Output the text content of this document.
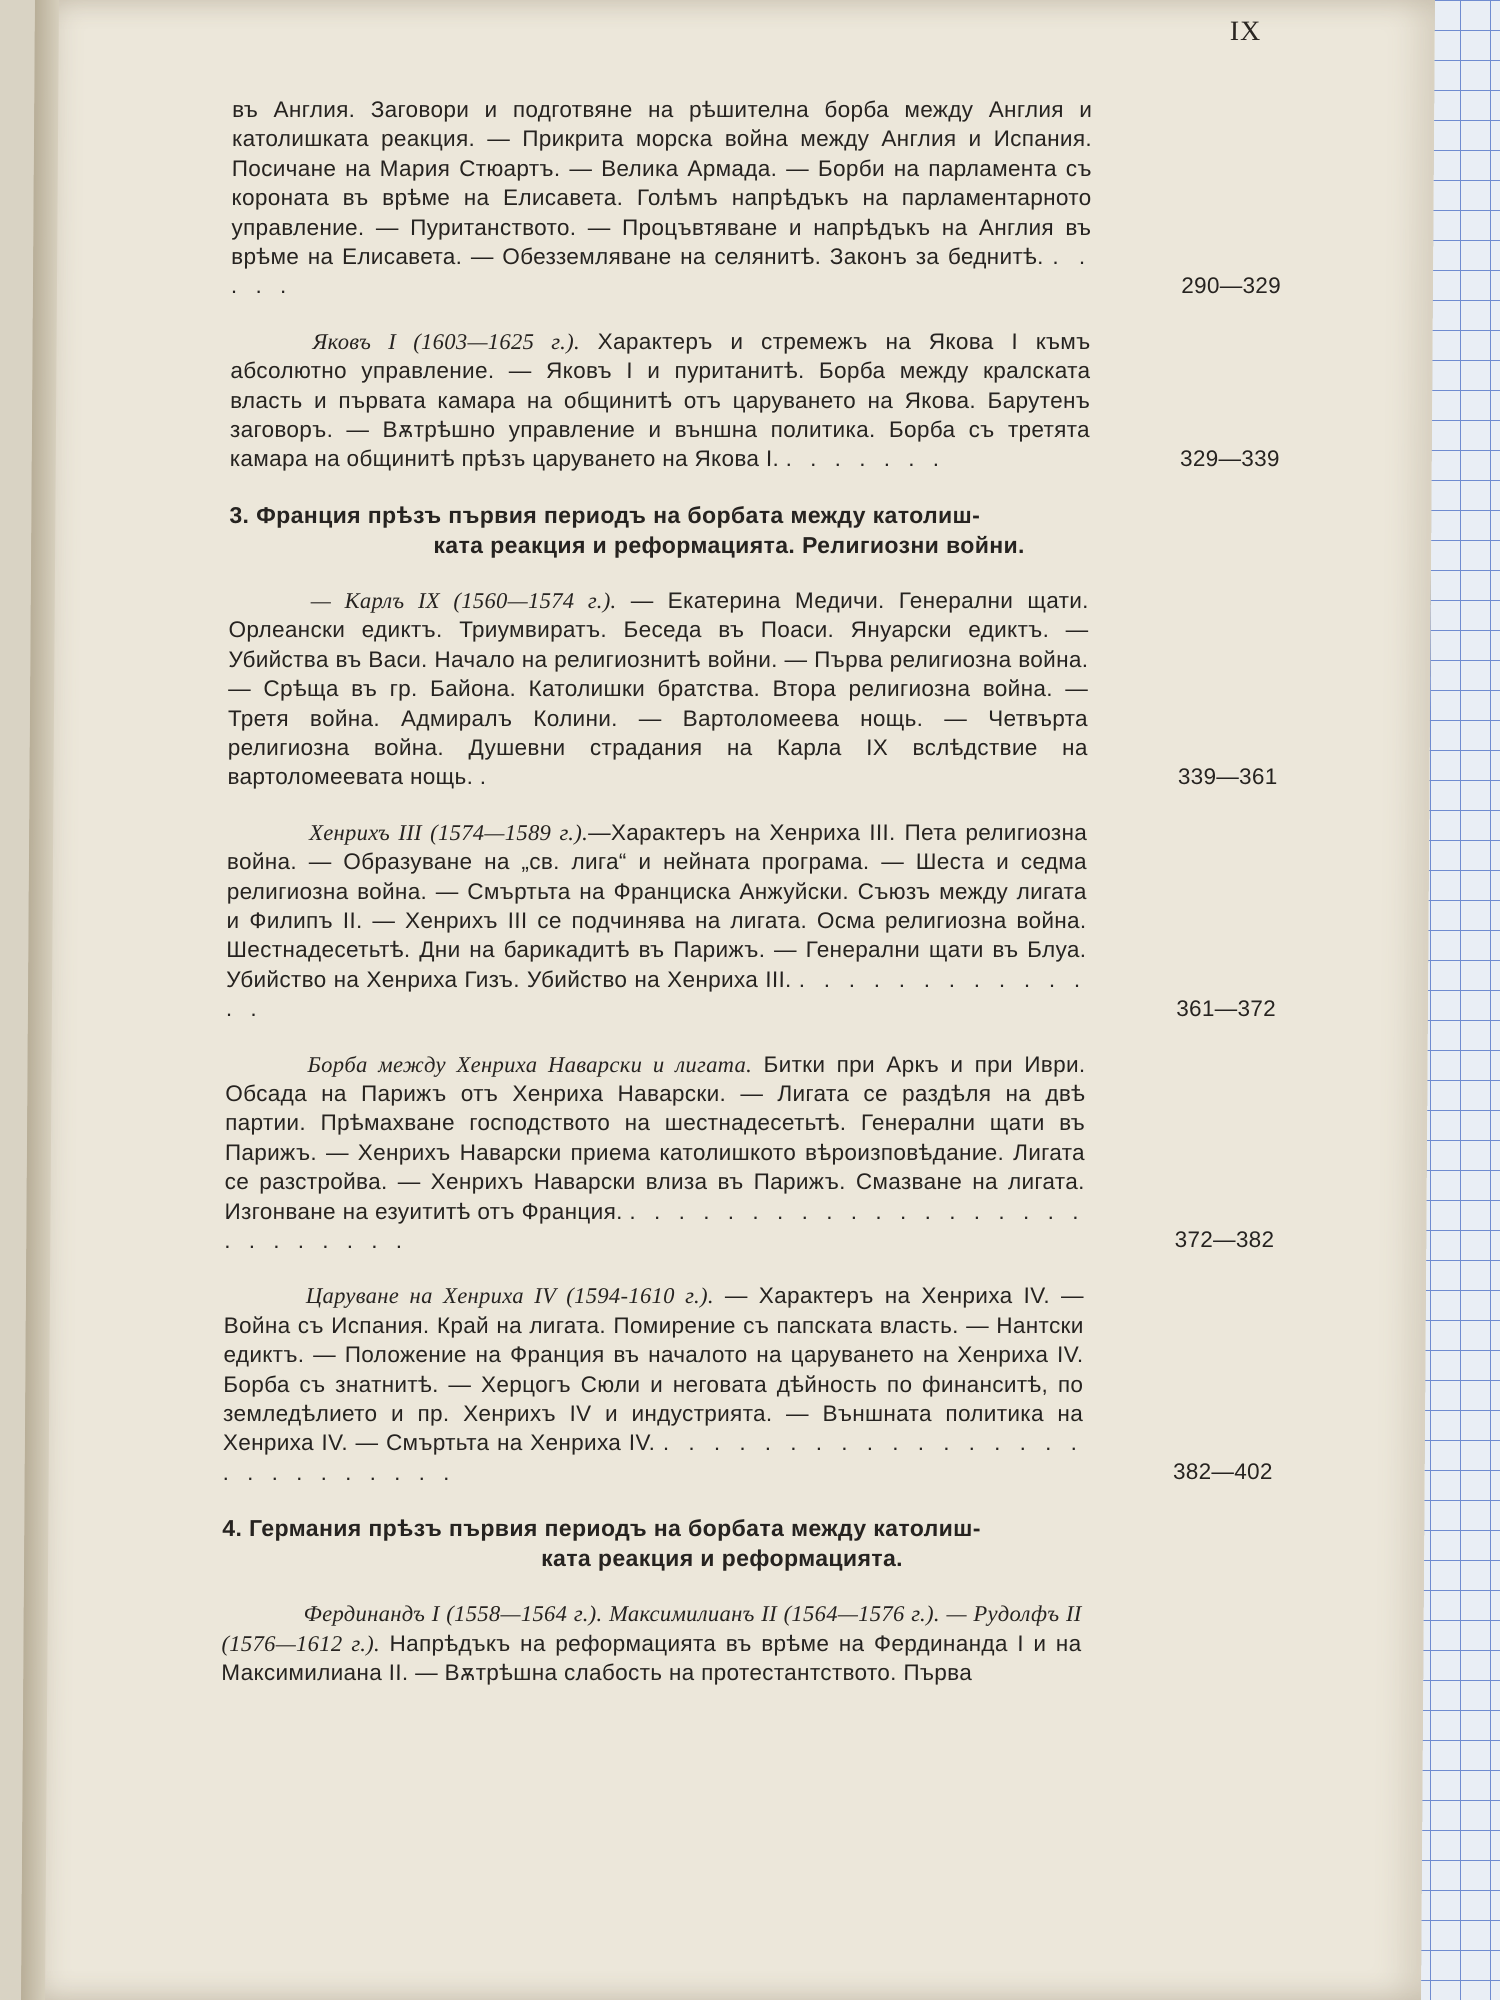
IX
въ Англия. Заговори и подготвяне на рѣшителна борба между Англия и католишката реакция. — Прикрита морска война между Англия и Испания. Посичане на Мария Стюартъ. — Велика Армада. — Борби на парламента съ короната въ врѣме на Елисавета. Голѣмъ напрѣдъкъ на парламентарното управление. — Пуританството. — Процъвтяване и напрѣдъкъ на Англия въ врѣме на Елисавета. — Обезземляване на селянитѣ. Законъ за беднитѣ. . . . . .	290—329
Яковъ I (1603—1625 г.). Характеръ и стремежъ на Якова I къмъ абсолютно управление. — Яковъ I и пуританитѣ. Борба между кралската власть и първата камара на общинитѣ отъ царуването на Якова. Барутенъ заговоръ. — Вѫтрѣшно управление и външна политика. Борба съ третята камара на общинитѣ прѣзъ царуването на Якова I. . . . . . . .	329—339
3. Франция прѣзъ първия периодъ на борбата между католиш-
ката реакция и реформацията. Религиозни войни.
— Карлъ IX (1560—1574 г.). — Екатерина Медичи. Генерални щати. Орлеански едиктъ. Триумвиратъ. Беседа въ Поаси. Януарски едиктъ. — Убийства въ Васи. Начало на религиознитѣ войни. — Първа религиозна война. — Срѣща въ гр. Байона. Католишки братства. Втора религиозна война. — Третя война. Адмиралъ Колини. — Вартоломеева нощь. — Четвърта религиозна война. Душевни страдания на Карла IX вслѣдствие на вартоломеевата нощь. .	339—361
Хенрихъ III (1574—1589 г.).—Характеръ на Хенриха III. Пета религиозна война. — Образуване на „св. лига“ и нейната програма. — Шеста и седма религиозна война. — Смъртьта на Франциска Анжуйски. Съюзъ между лигата и Филипъ II. — Хенрихъ III се подчинява на лигата. Осма религиозна война. Шестнадесетьтѣ. Дни на барикадитѣ въ Парижъ. — Генерални щати въ Блуа. Убийство на Хенриха Гизъ. Убийство на Хенриха III. . . . . . . . . . . . . . .	361—372
Борба между Хенриха Наварски и лигата. Битки при Аркъ и при Иври. Обсада на Парижъ отъ Хенриха Наварски. — Лигата се раздѣля на двѣ партии. Прѣмахване господството на шестнадесетьтѣ. Генерални щати въ Парижъ. — Хенрихъ Наварски приема католишкото вѣроизповѣдание. Лигата се разстройва. — Хенрихъ Наварски влиза въ Парижъ. Смазване на лигата. Изгонване на езуититѣ отъ Франция. . . . . . . . . . . . . . . . . . . . . . . . . . . .	372—382
Царуване на Хенриха IV (1594-1610 г.). — Характеръ на Хенриха IV. — Война съ Испания. Край на лигата. Помирение съ папската власть. — Нантски едиктъ. — Положение на Франция въ началото на царуването на Хенриха IV. Борба съ знатнитѣ. — Херцогъ Сюли и неговата дѣйность по финанситѣ, по земледѣлието и пр. Хенрихъ IV и индустрията. — Външната политика на Хенриха IV. — Смъртьта на Хенриха IV. . . . . . . . . . . . . . . . . . . . . . . . . . . .	382—402
4. Германия прѣзъ първия периодъ на борбата между католиш-
ката реакция и реформацията.
Фердинандъ I (1558—1564 г.). Максимилианъ II (1564—1576 г.). — Рудолфъ II (1576—1612 г.). Напрѣдъкъ на реформацията въ врѣме на Фердинанда I и на Максимилиана II. — Вѫтрѣшна слабость на протестантството. Първа
